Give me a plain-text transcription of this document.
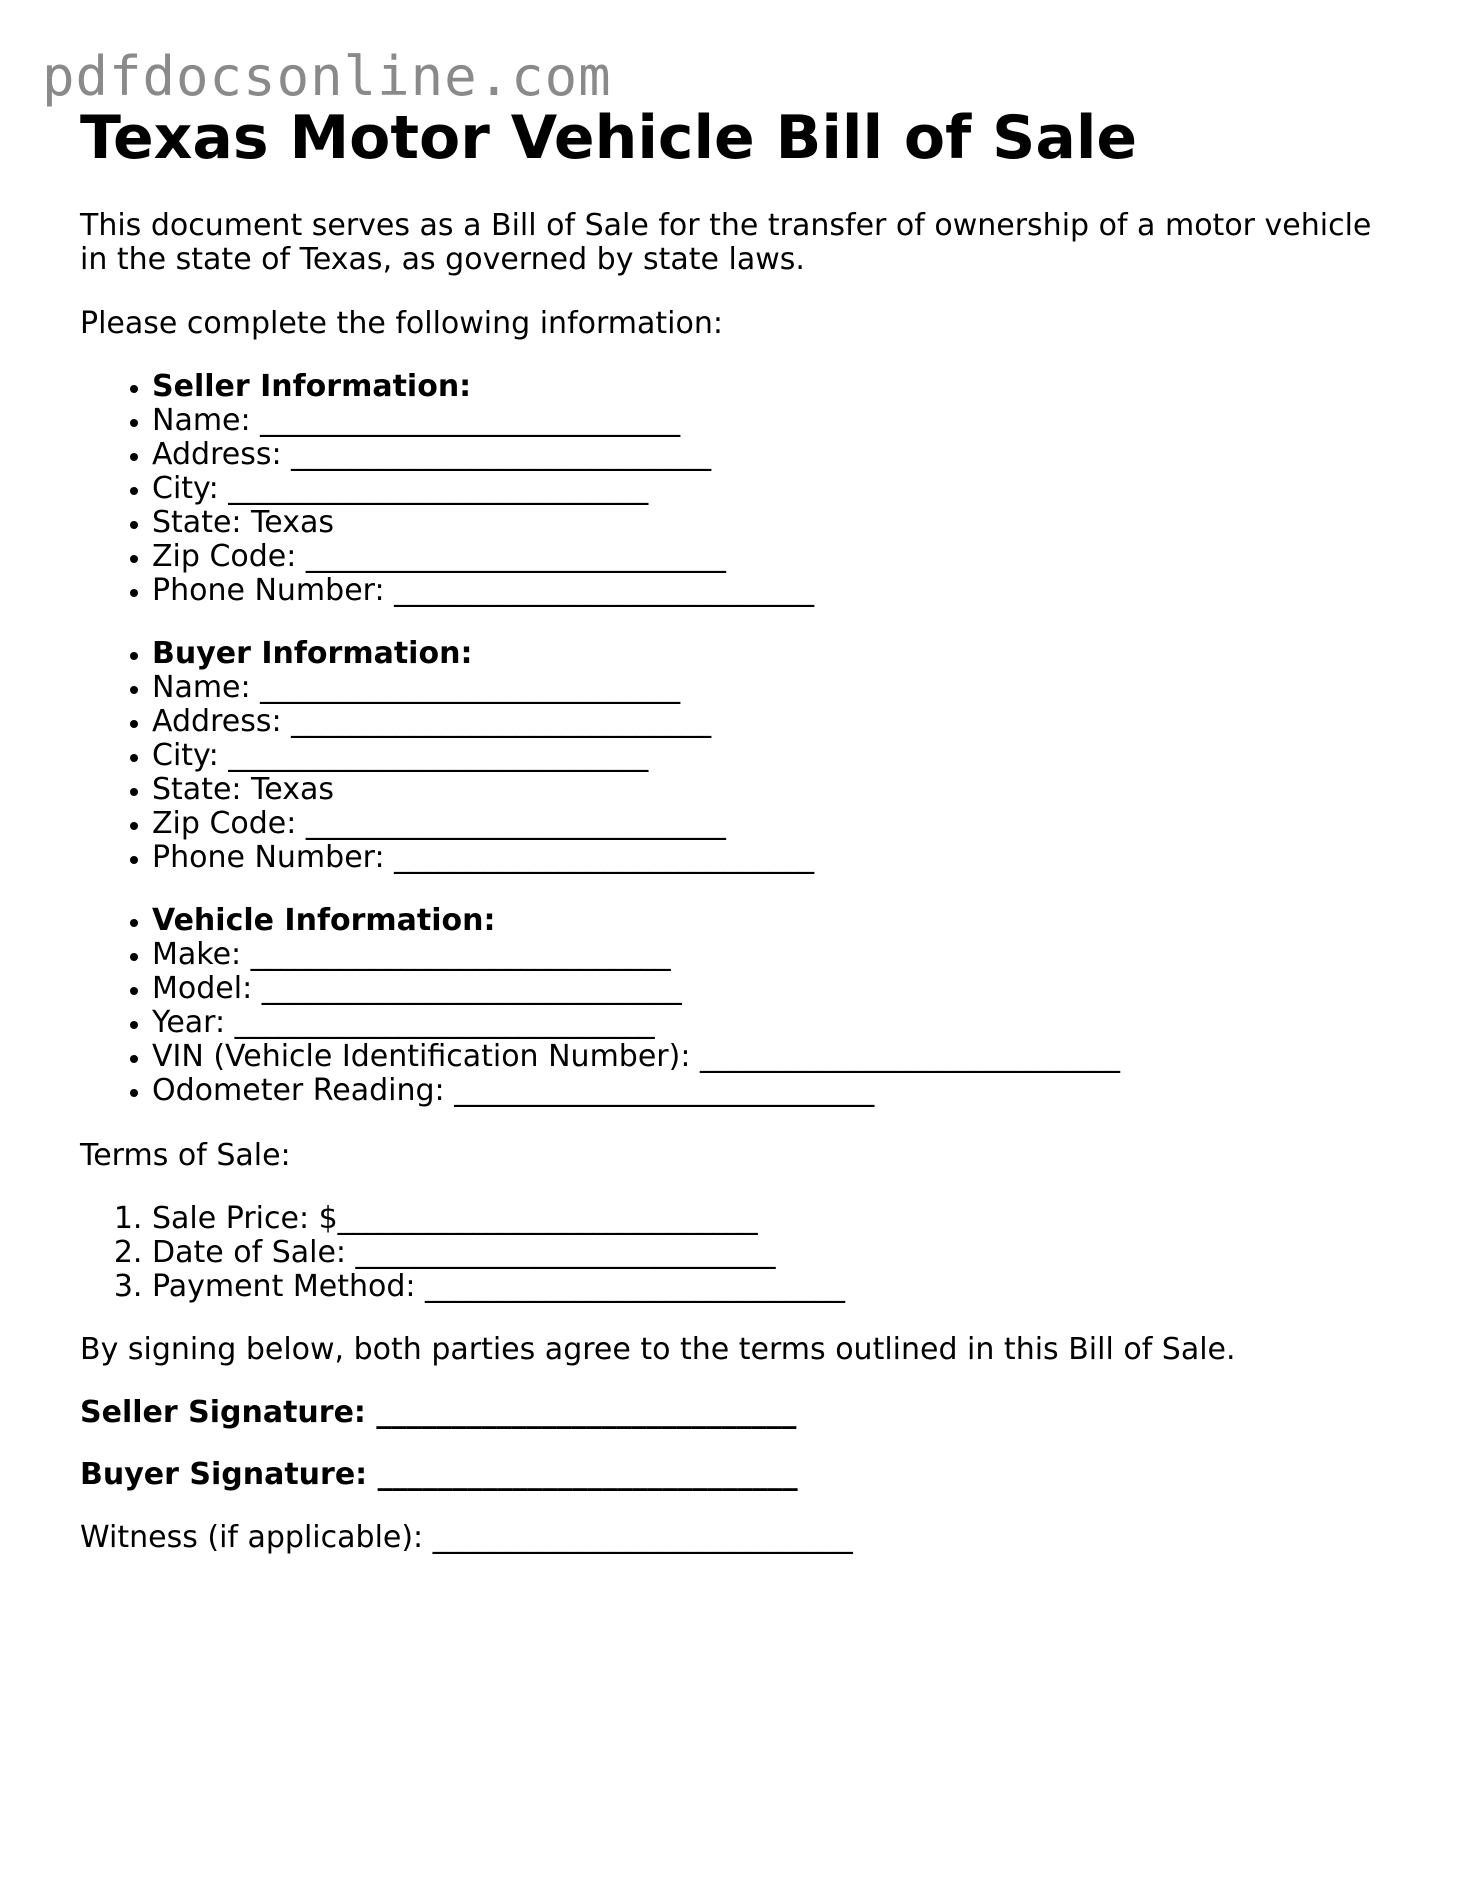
pdfdocsonline.com
Texas Motor Vehicle Bill of Sale

This document serves as a Bill of Sale for the transfer of ownership of a motor vehicle in the state of Texas, as governed by state laws.

Please complete the following information:

• Seller Information:
• Name: ____________________________
• Address: ____________________________
• City: ____________________________
• State: Texas
• Zip Code: ____________________________
• Phone Number: ____________________________
• Buyer Information:
• Name: ____________________________
• Address: ____________________________
• City: ____________________________
• State: Texas
• Zip Code: ____________________________
• Phone Number: ____________________________
• Vehicle Information:
• Make: ____________________________
• Model: ____________________________
• Year: ____________________________
• VIN (Vehicle Identification Number): ____________________________
• Odometer Reading: ____________________________

Terms of Sale:

1. Sale Price: $____________________________
2. Date of Sale: ____________________________
3. Payment Method: ____________________________

By signing below, both parties agree to the terms outlined in this Bill of Sale.

Seller Signature: ____________________________

Buyer Signature: ____________________________

Witness (if applicable): ____________________________
